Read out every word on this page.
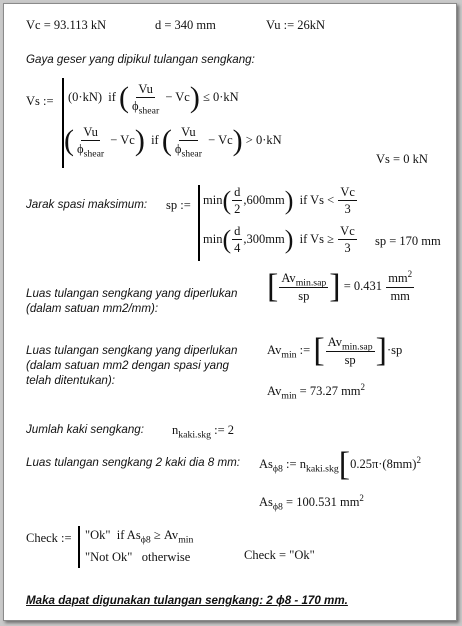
Vc = 93.113 kN	d = 340 mm	Vu := 26kN
Gaya geser yang dipikul tulangan sengkang:
Vs := (0·kN) if ( $\frac{Vu}{\phi_{shear}} - Vc) \le 0\cdot kN$
( $\frac{Vu}{\phi_{shear}} - Vc$) if ( $\frac{Vu}{\phi_{shear}} - Vc) > 0\cdot kN$
Vs = 0 kN
Jarak spasi maksimum: sp := $\min( \frac{d}{2} ,600mm)$ if $Vs < \frac{Vc}{3}$
$\min( \frac{d}{4} ,300mm)$ if $Vs \ge \frac{Vc}{3}$ sp = 170 mm
Luas tulangan sengkang yang diperlukan
(dalam satuan mm2/mm):
[ $\frac{Av_{min.sap}}{sp}$ ] = $0.431 \frac{mm^2}{mm}$
Luas tulangan sengkang yang diperlukan
(dalam satuan mm2 dengan spasi yang
telah ditentukan):
$Av_{min}$ := [ $\frac{Av_{min.sap}}{sp} ]\cdot sp$
$Av_{min} = 73.27$ $mm^2$
Jumlah kaki sengkang: $n_{kaki.skg}$ := 2
Luas tulangan sengkang 2 kaki dia 8 mm: $As_{\phi 8}$ := $n_{kaki.skg}[0.25\pi\cdot(8mm)^2$
$As_{\phi 8} = 100.531$ $mm^2$
Check := "Ok" if $As_{\phi 8} \ge Av_{min}$
"Not Ok" otherwise	Check = "Ok"
Maka dapat digunakan tulangan sengkang: 2 ϕ8 - 170 mm.
